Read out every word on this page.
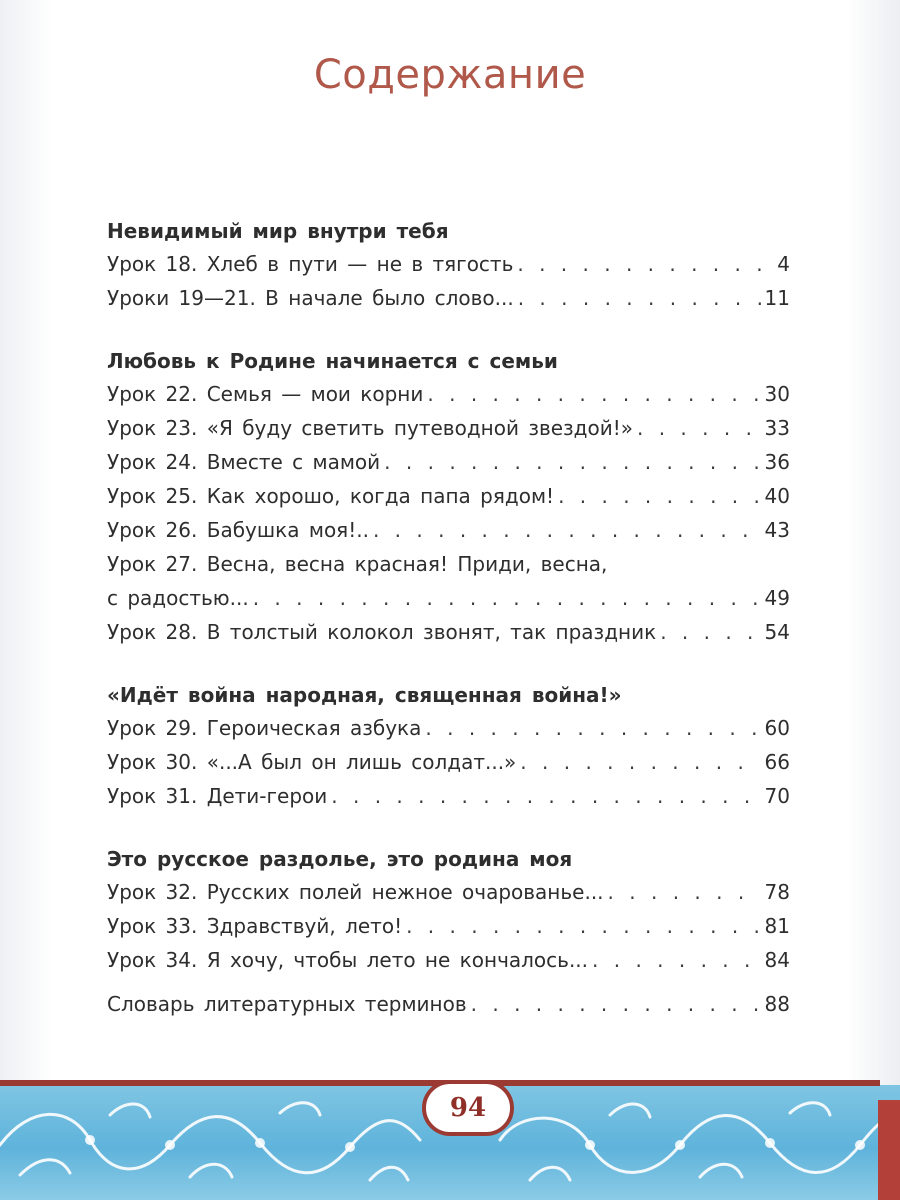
Содержание
Невидимый мир внутри тебя
Урок 18. Хлеб в пути — не в тягость . . .	4
Уроки 19—21. В начале было слово... . . .	11
Любовь к Родине начинается с семьи
Урок 22. Семья — мои корни . . .	30
Урок 23. «Я буду светить путеводной звездой!» . . .	33
Урок 24. Вместе с мамой . . .	36
Урок 25. Как хорошо, когда папа рядом! . . .	40
Урок 26. Бабушка моя!.. . . .	43
Урок 27. Весна, весна красная! Приди, весна,
с радостью... . . .	49
Урок 28. В толстый колокол звонят, так праздник . . .	54
«Идёт война народная, священная война!»
Урок 29. Героическая азбука . . .	60
Урок 30. «...А был он лишь солдат...» . . .	66
Урок 31. Дети-герои . . .	70
Это русское раздолье, это родина моя
Урок 32. Русских полей нежное очарованье... . . .	78
Урок 33. Здравствуй, лето! . . .	81
Урок 34. Я хочу, чтобы лето не кончалось... . . .	84
Словарь литературных терминов . . .	88
94
